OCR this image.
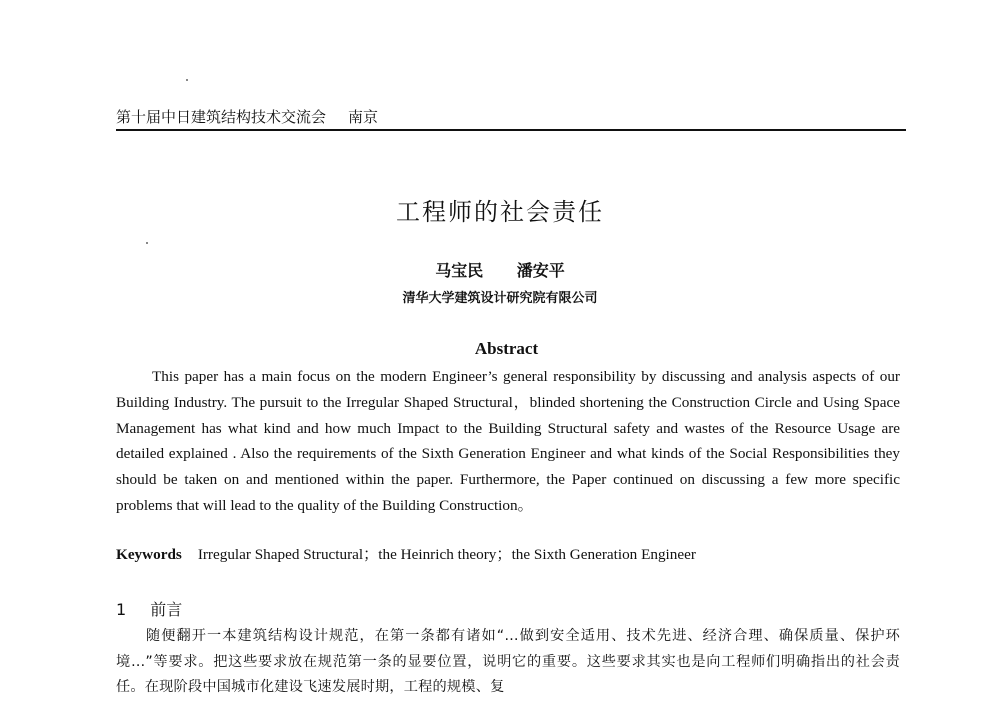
第十届中日建筑结构技术交流会 南京
工程师的社会责任
马宝民 潘安平
清华大学建筑设计研究院有限公司
Abstract
This paper has a main focus on the modern Engineer’s general responsibility by discussing and analysis aspects of our Building Industry. The pursuit to the Irregular Shaped Structural，blinded shortening the Construction Circle and Using Space Management has what kind and how much Impact to the Building Structural safety and wastes of the Resource Usage are detailed explained . Also the requirements of the Sixth Generation Engineer and what kinds of the Social Responsibilities they should be taken on and mentioned within the paper. Furthermore, the Paper continued on discussing a few more specific problems that will lead to the quality of the Building Construction。
Keywords Irregular Shaped Structural；the Heinrich theory；the Sixth Generation Engineer
1 前言
随便翻开一本建筑结构设计规范，在第一条都有诸如“…做到安全适用、技术先进、经济合理、确保质量、保护环境…”等要求。把这些要求放在规范第一条的显要位置，说明它的重要。这些要求其实也是向工程师们明确指出的社会责任。在现阶段中国城市化建设飞速发展时期，工程的规模、复
